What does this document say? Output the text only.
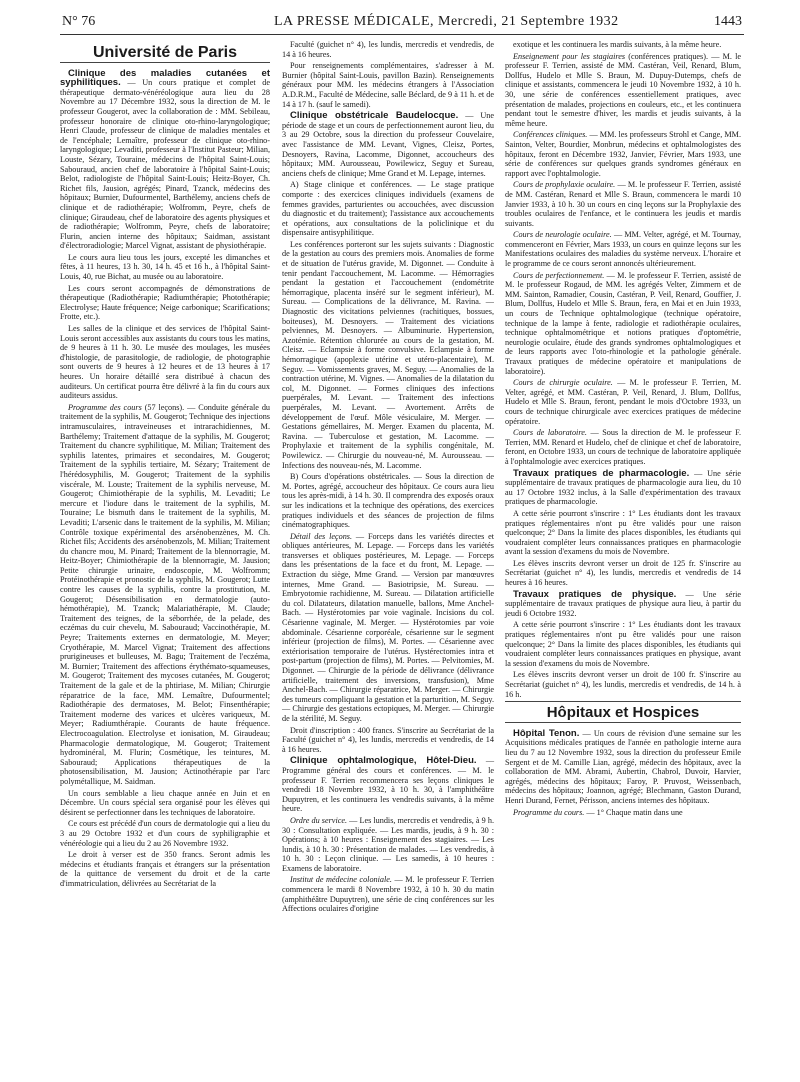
N° 76	LA PRESSE MÉDICALE, Mercredi, 21 Septembre 1932	1443
Université de Paris

Clinique des maladies cutanées et syphilitiques. — Un cours pratique et complet de thérapeutique dermato-vénéréologique aura lieu du 28 Novembre au 17 Décembre 1932, sous la direction de M. le professeur Gougerot, avec la collaboration de : MM. Sebileau, professeur honoraire de clinique oto-rhino-laryngologique; Henri Claude, professeur de clinique de maladies mentales et de l'encéphale; Lemaître, professeur de clinique oto-rhino-laryngologique; Levaditi, professeur à l'Institut Pasteur; Milian, Louste, Sézary, Touraine, médecins de l'hôpital Saint-Louis; Sabouraud, ancien chef de laboratoire à l'hôpital Saint-Louis; Belot, radiologiste de l'hôpital Saint-Louis; Heitz-Boyer, Ch. Richet fils, Jausion, agrégés; Pinard, Tzanck, médecins des hôpitaux; Burnier, Dufourmentel, Barthélemy, anciens chefs de clinique et de radiothérapie; Wolfromm, Peyre, chefs de clinique; Giraudeau, chef de laboratoire des agents physiques et de radiothérapie; Wolfromm, Peyre, chefs de laboratoire; Flurin, ancien interne des hôpitaux; Saidman, assistant d'électroradiologie; Marcel Vignat, assistant de physiothérapie.

Le cours aura lieu tous les jours, excepté les dimanches et fêtes, à 11 heures, 13 h. 30, 14 h. 45 et 16 h., à l'hôpital Saint-Louis, 40, rue Bichat, au musée ou au laboratoire.

Les cours seront accompagnés de démonstrations de thérapeutique (Radiothérapie; Radiumthérapie; Photothérapie; Electrolyse; Haute fréquence; Neige carbonique; Scarifications; Frotte, etc.).

Les salles de la clinique et des services de l'hôpital Saint-Louis seront accessibles aux assistants du cours tous les matins, de 9 heures à 11 h. 30. Le musée des moulages, les musées d'histologie, de parasitologie, de radiologie, de photographie sont ouverts de 9 heures à 12 heures et de 13 heures à 17 heures. Un horaire détaillé sera distribué à chacun des auditeurs. Un certificat pourra être délivré à la fin du cours aux auditeurs assidus.

Programme des cours (57 leçons). — Conduite générale du traitement de la syphilis, M. Gougerot; Technique des injections intramusculaires, intraveineuses et intrarachidiennes, M. Barthélemy; Traitement d'attaque de la syphilis, M. Gougerot; Traitement du chancre syphilitique, M. Milian; Traitement des syphilis latentes, primaires et secondaires, M. Gougerot; Traitement de la syphilis tertiaire, M. Sézary; Traitement de l'hérédosyphilis, M. Gougerot; Traitement de la syphilis viscérale, M. Louste; Traitement de la syphilis nerveuse, M. Gougerot; Chimiothérapie de la syphilis, M. Levaditi; Le mercure et l'iodure dans le traitement de la syphilis, M. Touraine; Le bismuth dans le traitement de la syphilis, M. Levaditi; L'arsenic dans le traitement de la syphilis, M. Milian; Contrôle toxique expérimental des arsénobenzènes, M. Ch. Richet fils; Accidents des arsénobenzols, M. Milian; Traitement du chancre mou, M. Pinard; Traitement de la blennorragie, M. Heitz-Boyer; Chimiothérapie de la blennorragie, M. Jausion; Petite chirurgie urinaire, endoscopie, M. Wolfromm; Protéinothérapie et pronostic de la syphilis, M. Gougerot; Lutte contre les causes de la syphilis, contre la prostitution, M. Gougerot; Désensibilisation en dermatologie (auto-hémothérapie), M. Tzanck; Malariathérapie, M. Claude; Traitement des teignes, de la séborrhée, de la pelade, des eczémas du cuir chevelu, M. Sabouraud; Vaccinothérapie, M. Peyre; Traitements externes en dermatologie, M. Meyer; Cryothérapie, M. Marcel Vignat; Traitement des affections prurigineuses et bulleuses, M. Bagu; Traitement de l'eczéma, M. Burnier; Traitement des affections érythémato-squameuses, M. Gougerot; Traitement des mycoses cutanées, M. Gougerot; Traitement de la gale et de la phtiriase, M. Milian; Chirurgie réparatrice de la face, MM. Lemaître, Dufourmentel; Radiothérapie des dermatoses, M. Belot; Finsenthérapie; Traitement moderne des varices et ulcères variqueux, M. Meyer; Radiumthérapie. Courants de haute fréquence. Electrocoagulation. Electrolyse et ionisation, M. Giraudeau; Pharmacologie dermatologique, M. Gougerot; Traitement hydrominéral, M. Flurin; Cosmétique, les teintures, M. Sabouraud; Applications thérapeutiques de la photosensibilisation, M. Jausion; Actinothérapie par l'arc polymétallique, M. Saidman.

Un cours semblable a lieu chaque année en Juin et en Décembre. Un cours spécial sera organisé pour les élèves qui désirent se perfectionner dans les techniques de laboratoire.

Ce cours est précédé d'un cours de dermatologie qui a lieu du 3 au 29 Octobre 1932 et d'un cours de syphiligraphie et vénéréologie qui a lieu du 2 au 26 Novembre 1932.

Le droit à verser est de 350 francs. Seront admis les médecins et étudiants français et étrangers sur la présentation de la quittance de versement du droit et de la carte d'immatriculation, délivrées au Secrétariat de la

Faculté (guichet n° 4), les lundis, mercredis et vendredis, de 14 à 16 heures.

Pour renseignements complémentaires, s'adresser à M. Burnier (hôpital Saint-Louis, pavillon Bazin). Renseignements généraux pour MM. les médecins étrangers à l'Association A.D.R.M., Faculté de Médecine, salle Béclard, de 9 à 11 h. et de 14 à 17 h. (sauf le samedi).

Clinique obstétricale Baudelocque. — Une période de stage et un cours de perfectionnement auront lieu, du 3 au 29 Octobre, sous la direction du professeur Couvelaire, avec l'assistance de MM. Levant, Vignes, Cleisz, Portes, Desnoyers, Ravina, Lacomme, Digonnet, accoucheurs des hôpitaux; MM. Aurousseau, Powilewicz, Seguy et Sureau, anciens chefs de clinique; Mme Grand et M. Lepage, internes.

A) Stage clinique et conférences. — Le stage pratique comporte : des exercices cliniques individuels (examens de femmes gravides, parturientes ou accouchées, avec discussion du diagnostic et du traitement); l'assistance aux accouchements et opérations, aux consultations de la policlinique et du dispensaire antisyphilitique.

Les conférences porteront sur les sujets suivants : Diagnostic de la gestation au cours des premiers mois. Anomalies de forme et de situation de l'utérus gravide, M. Digonnet. — Conduite à tenir pendant l'accouchement, M. Lacomme. — Hémorragies pendant la gestation et l'accouchement (endométrite hémorragique, placenta inséré sur le segment inférieur), M. Sureau. — Complications de la délivrance, M. Ravina. — Diagnostic des vicitations pelviennes (rachitiques, bossues, boiteuses), M. Desnoyers. — Traitement des viciations pelviennes, M. Desnoyers. — Albuminurie. Hypertension, Azotémie. Rétention chlorurée au cours de la gestation, M. Cleisz. — Eclampsie à forme convulsive. Eclampsie à forme hémorragique (apoplexie utérine et utéro-placentaire), M. Seguy. — Vomissements graves, M. Seguy. — Anomalies de la contraction utérine, M. Vignes. — Anomalies de la dilatation du col, M. Digonnet. — Formes cliniques des infections puerpérales, M. Levant. — Traitement des infections puerpérales, M. Levant. — Avortement. Arrêts de développement de l'œuf. Môle vésiculaire, M. Merger. — Gestations gémellaires, M. Merger. Examen du placenta, M. Ravina. — Tuberculose et gestation, M. Lacomme. — Prophylaxie et traitement de la syphilis congénitale, M. Powilewicz. — Chirurgie du nouveau-né, M. Aurousseau. — Infections des nouveau-nés, M. Lacomme.

B) Cours d'opérations obstétricales. — Sous la direction de M. Portes, agrégé, accoucheur des hôpitaux. Ce cours aura lieu tous les après-midi, à 14 h. 30. Il comprendra des exposés oraux sur les indications et la technique des opérations, des exercices pratiques individuels et des séances de projection de films cinématographiques.

Détail des leçons. — Forceps dans les variétés directes et obliques antérieures, M. Lepage. — Forceps dans les variétés transverses et obliques postérieures, M. Lepage. — Forceps dans les présentations de la face et du front, M. Lepage. — Extraction du siège, Mme Grand. — Version par manœuvres internes, Mme Grand. — Basiotripsie, M. Sureau. — Embryotomie rachidienne, M. Sureau. — Dilatation artificielle du col. Dilatateurs, dilatation manuelle, ballons, Mme Anchel-Bach. — Hystérotomies par voie vaginale. Incisions du col. Césarienne vaginale, M. Merger. — Hystérotomies par voie abdominale. Césarienne corporéale, césarienne sur le segment inférieur (projection de films), M. Portes. — Césarienne avec extériorisation temporaire de l'utérus. Hystérectomies intra et post-partum (projection de films), M. Portes. — Pelvitomies, M. Digonnet. — Chirurgie de la période de délivrance (délivrance artificielle, traitement des inversions, transfusion), Mme Anchel-Bach. — Chirurgie réparatrice, M. Merger. — Chirurgie des tumeurs compliquant la gestation et la parturition, M. Seguy. — Chirurgie des gestations ectopiques, M. Merger. — Chirurgie de la stérilité, M. Seguy.

Droit d'inscription : 400 francs. S'inscrire au Secrétariat de la Faculté (guichet n° 4), les lundis, mercredis et vendredis, de 14 à 16 heures.

Clinique ophtalmologique, Hôtel-Dieu. — Programme général des cours et conférences. — M. le professeur F. Terrien recommencera ses leçons cliniques le vendredi 18 Novembre 1932, à 10 h. 30, à l'amphithéâtre Dupuytren, et les continuera les vendredis suivants, à la même heure.

Ordre du service. — Les lundis, mercredis et vendredis, à 9 h. 30 : Consultation expliquée. — Les mardis, jeudis, à 9 h. 30 : Opérations; à 10 heures : Enseignement des stagiaires. — Les lundis, à 10 h. 30 : Présentation de malades. — Les vendredis, à 10 h. 30 : Leçon clinique. — Les samedis, à 10 heures : Examens de laboratoire.

Institut de médecine coloniale. — M. le professeur F. Terrien commencera le mardi 8 Novembre 1932, à 10 h. 30 du matin (amphithéâtre Dupuytren), une série de cinq conférences sur les Affections oculaires d'origine

exotique et les continuera les mardis suivants, à la même heure.

Enseignement pour les stagiaires (conférences pratiques). — M. le professeur F. Terrien, assisté de MM. Castéran, Veil, Renard, Blum, Dollfus, Hudelo et Mlle S. Braun, M. Dupuy-Dutemps, chefs de clinique et assistants, commencera le jeudi 10 Novembre 1932, à 10 h. 30, une série de conférences essentiellement pratiques, avec présentation de malades, projections en couleurs, etc., et les continuera pendant tout le semestre d'hiver, les mardis et jeudis suivants, à la même heure.

Conférences cliniques. — MM. les professeurs Strohl et Cange, MM. Sainton, Velter, Bourdier, Monbrun, médecins et ophtalmologistes des hôpitaux, feront en Décembre 1932, Janvier, Février, Mars 1933, une série de conférences sur quelques grands syndromes généraux en rapport avec l'ophtalmologie.

Cours de prophylaxie oculaire. — M. le professeur F. Terrien, assisté de MM. Castéran, Renard et Mlle S. Braun, commencera le mardi 10 Janvier 1933, à 10 h. 30 un cours en cinq leçons sur la Prophylaxie des troubles oculaires de l'enfance, et le continuera les jeudis et mardis suivants.

Cours de neurologie oculaire. — MM. Velter, agrégé, et M. Tournay, commenceront en Février, Mars 1933, un cours en quinze leçons sur les Manifestations oculaires des maladies du système nerveux. L'horaire et le programme de ce cours seront annoncés ultérieurement.

Cours de perfectionnement. — M. le professeur F. Terrien, assisté de M. le professeur Rogaud, de MM. les agrégés Velter, Zimmern et de MM. Sainton, Ramadier, Cousin, Castéran, P. Veil, Renard, Gouffier, J. Blum, Dollfus, Hudelo et Mlle S. Braun, fera, en Mai et en Juin 1933, un cours de Technique ophtalmologique (technique opératoire, technique de la lampe à fente, radiologie et radiothérapie oculaires, technique ophtalmométrique et notions pratiques d'optométrie, neurologie oculaire, étude des grands syndromes ophtalmologiques et de leurs rapports avec l'oto-rhinologie et la pathologie générale. Travaux pratiques de médecine opératoire et manipulations de laboratoire).

Cours de chirurgie oculaire. — M. le professeur F. Terrien, M. Velter, agrégé, et MM. Castéran, P. Veil, Renard, J. Blum, Dollfus, Hudelo et Mlle S. Braun, feront, pendant le mois d'Octobre 1933, un cours de technique chirurgicale avec exercices pratiques de médecine opératoire.

Cours de laboratoire. — Sous la direction de M. le professeur F. Terrien, MM. Renard et Hudelo, chef de clinique et chef de laboratoire, feront, en Octobre 1933, un cours de technique de laboratoire appliquée à l'ophtalmologie avec exercices pratiques.

Travaux pratiques de pharmacologie. — Une série supplémentaire de travaux pratiques de pharmacologie aura lieu, du 10 au 17 Octobre 1932 inclus, à la Salle d'expérimentation des travaux pratiques de pharmacologie.

A cette série pourront s'inscrire : 1° Les étudiants dont les travaux pratiques réglementaires n'ont pu être validés pour une raison quelconque; 2° Dans la limite des places disponibles, les étudiants qui voudraient compléter leurs connaissances pratiques en pharmacologie avant la session d'examens du mois de Novembre.

Les élèves inscrits devront verser un droit de 125 fr. S'inscrire au Secrétariat (guichet n° 4), les lundis, mercredis et vendredis de 14 heures à 16 heures.

Travaux pratiques de physique. — Une série supplémentaire de travaux pratiques de physique aura lieu, à partir du jeudi 6 Octobre 1932.

A cette série pourront s'inscrire : 1° Les étudiants dont les travaux pratiques réglementaires n'ont pu être validés pour une raison quelconque; 2° Dans la limite des places disponibles, les étudiants qui voudraient compléter leurs connaissances pratiques en physique, avant la session d'examens du mois de Novembre.

Les élèves inscrits devront verser un droit de 100 fr. S'inscrire au Secrétariat (guichet n° 4), les lundis, mercredis et vendredis, de 14 h. à 16 h.

Hôpitaux et Hospices

Hôpital Tenon. — Un cours de révision d'une semaine sur les Acquisitions médicales pratiques de l'année en pathologie interne aura lieu du 7 au 12 Novembre 1932, sous la direction du professeur Emile Sergent et de M. Camille Lian, agrégé, médecin des hôpitaux, avec la collaboration de MM. Abrami, Aubertin, Chabrol, Duvoir, Harvier, agrégés, médecins des hôpitaux; Faroy, P. Pruvost, Weissenbach, médecins des hôpitaux; Joannon, agrégé; Blechmann, Gaston Durand, Henri Durand, Fernet, Périsson, anciens internes des hôpitaux.

Programme du cours. — 1° Chaque matin dans une
